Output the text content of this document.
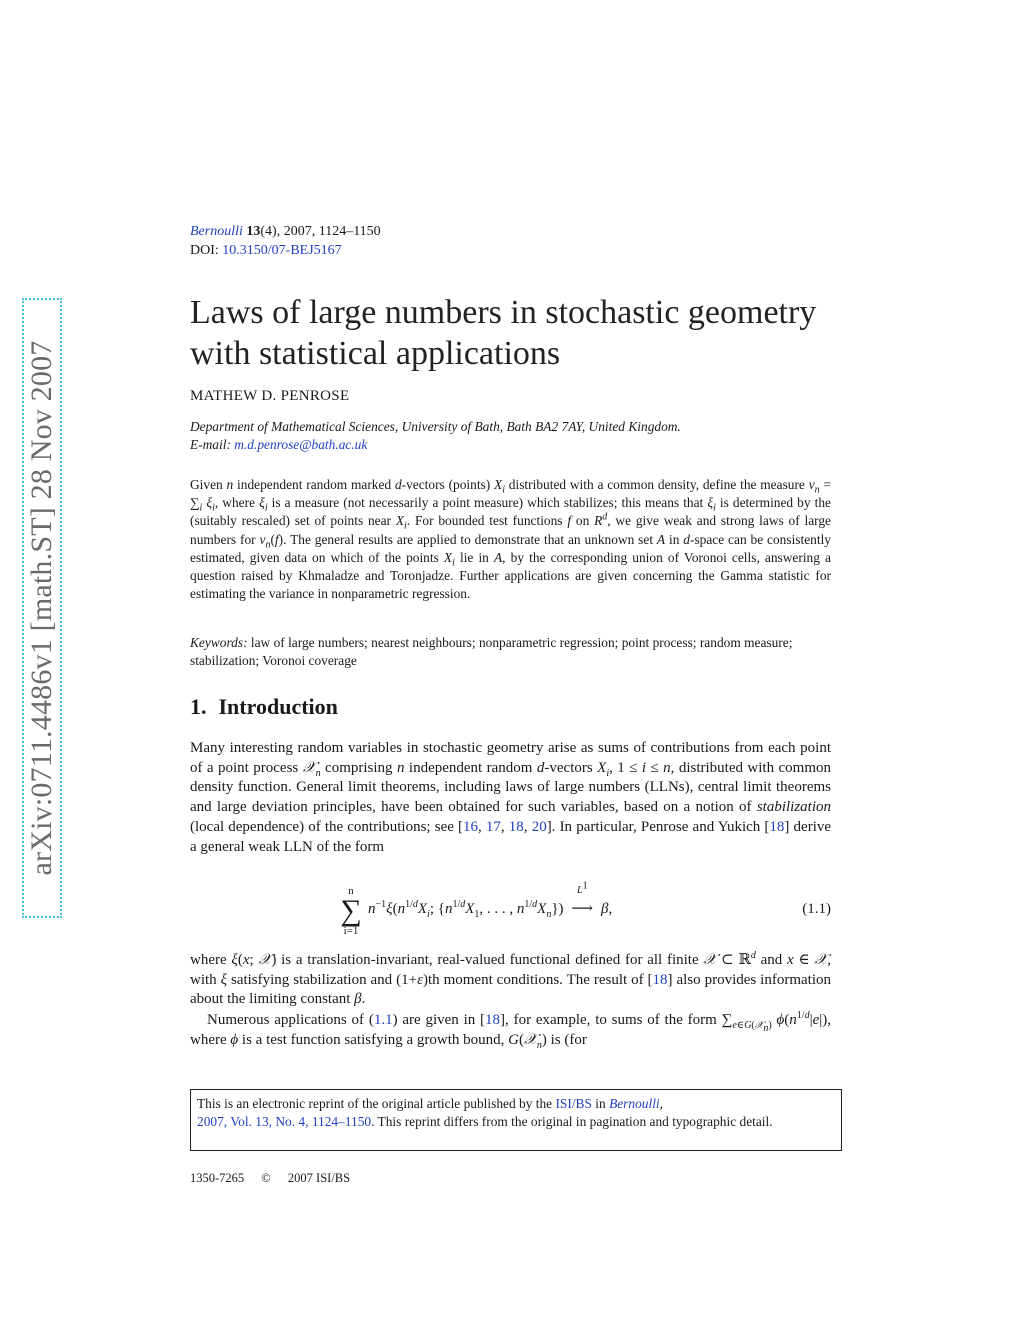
arXiv:0711.4486v1 [math.ST] 28 Nov 2007
Bernoulli 13(4), 2007, 1124–1150
DOI: 10.3150/07-BEJ5167
Laws of large numbers in stochastic geometry with statistical applications
MATHEW D. PENROSE
Department of Mathematical Sciences, University of Bath, Bath BA2 7AY, United Kingdom.
E-mail: m.d.penrose@bath.ac.uk
Given n independent random marked d-vectors (points) $X_i$ distributed with a common density, define the measure $\nu_n = \sum_i$ $\xi_i$, where $\xi_i$ is a measure (not necessarily a point measure) which stabilizes; this means that $\xi_i$ is determined by the (suitably rescaled) set of points near $X_i$. For bounded test functions f on $R^d$, we give weak and strong laws of large numbers for $\nu_n(f)$. The general results are applied to demonstrate that an unknown set A in d-space can be consistently estimated, given data on which of the points $X_i$ lie in A, by the corresponding union of Voronoi cells, answering a question raised by Khmaladze and Toronjadze. Further applications are given concerning the Gamma statistic for estimating the variance in nonparametric regression.
Keywords: law of large numbers; nearest neighbours; nonparametric regression; point process; random measure; stabilization; Voronoi coverage
1. Introduction
Many interesting random variables in stochastic geometry arise as sums of contributions from each point of a point process 𝒳$_n$ comprising n independent random d-vectors $X_i$, 1 ≤ i ≤ n, distributed with common density function. General limit theorems, including laws of large numbers (LLNs), central limit theorems and large deviation principles, have been obtained for such variables, based on a notion of stabilization (local dependence) of the contributions; see [16, 17, 18, 20]. In particular, Penrose and Yukich [18] derive a general weak LLN of the form
n
∑
i=1
$n^{-1}\xi(n^{1/d}X_i$; {$n^{1/d}X_1$, . . . , $n^{1/d}X_n$})
$L^1$
⟶ β,	(1.1)
where ξ(x; 𝒳) is a translation-invariant, real-valued functional defined for all finite 𝒳 ⊂ ℝ$^d$ and x ∈ 𝒳, with ξ satisfying stabilization and (1+ε)th moment conditions. The result of [18] also provides information about the limiting constant β.
Numerous applications of (1.1) are given in [18], for example, to sums of the form $\sum_{e\in G(𝒳_n)}$ $\phi(n^{1/d}|e|)$, where ϕ is a test function satisfying a growth bound, G(𝒳$_n$) is (for
This is an electronic reprint of the original article published by the ISI/BS in Bernoulli,
2007, Vol. 13, No. 4, 1124–1150. This reprint differs from the original in pagination and typographic detail.
1350-7265 © 2007 ISI/BS
